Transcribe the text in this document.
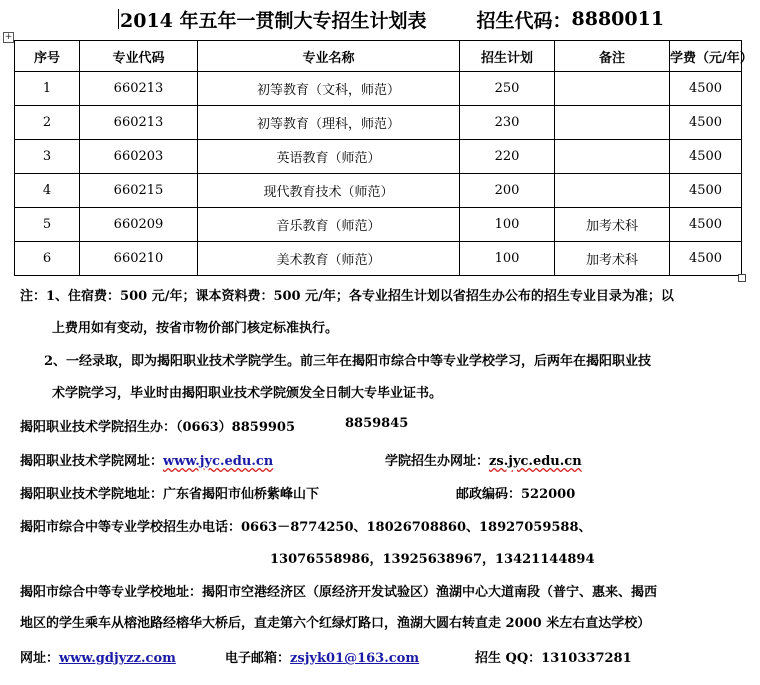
2014 年五年一贯制大专招生计划表	招生代码： 8880011
+
序号	专业代码	专业名称	招生计划	备注	学费（元/年）
1	660213	初等教育（文科，师范）	250		4500
2	660213	初等教育（理科，师范）	230		4500
3	660203	英语教育（师范）	220		4500
4	660215	现代教育技术（师范）	200		4500
5	660209	音乐教育（师范）	100	加考术科	4500
6	660210	美术教育（师范）	100	加考术科	4500
注：1、住宿费：500 元/年；课本资料费：500 元/年；各专业招生计划以省招生办公布的招生专业目录为准；以
上费用如有变动，按省市物价部门核定标准执行。
2、一经录取，即为揭阳职业技术学院学生。前三年在揭阳市综合中等专业学校学习，后两年在揭阳职业技
术学院学习，毕业时由揭阳职业技术学院颁发全日制大专毕业证书。
揭阳职业技术学院招生办：（0663）8859905	8859845
揭阳职业技术学院网址：www.jyc.edu.cn	学院招生办网址：zs.jyc.edu.cn
揭阳职业技术学院地址：广东省揭阳市仙桥紫峰山下	邮政编码：522000
揭阳市综合中等专业学校招生办电话：0663－8774250、18026708860、18927059588、
13076558986，13925638967，13421144894
揭阳市综合中等专业学校地址：揭阳市空港经济区（原经济开发试验区）渔湖中心大道南段（普宁、惠来、揭西
地区的学生乘车从榕池路经榕华大桥后，直走第六个红绿灯路口，渔湖大圆右转直走 2000 米左右直达学校）
网址：www.gdjyzz.com	电子邮箱：zsjyk01@163.com	招生 QQ：1310337281
